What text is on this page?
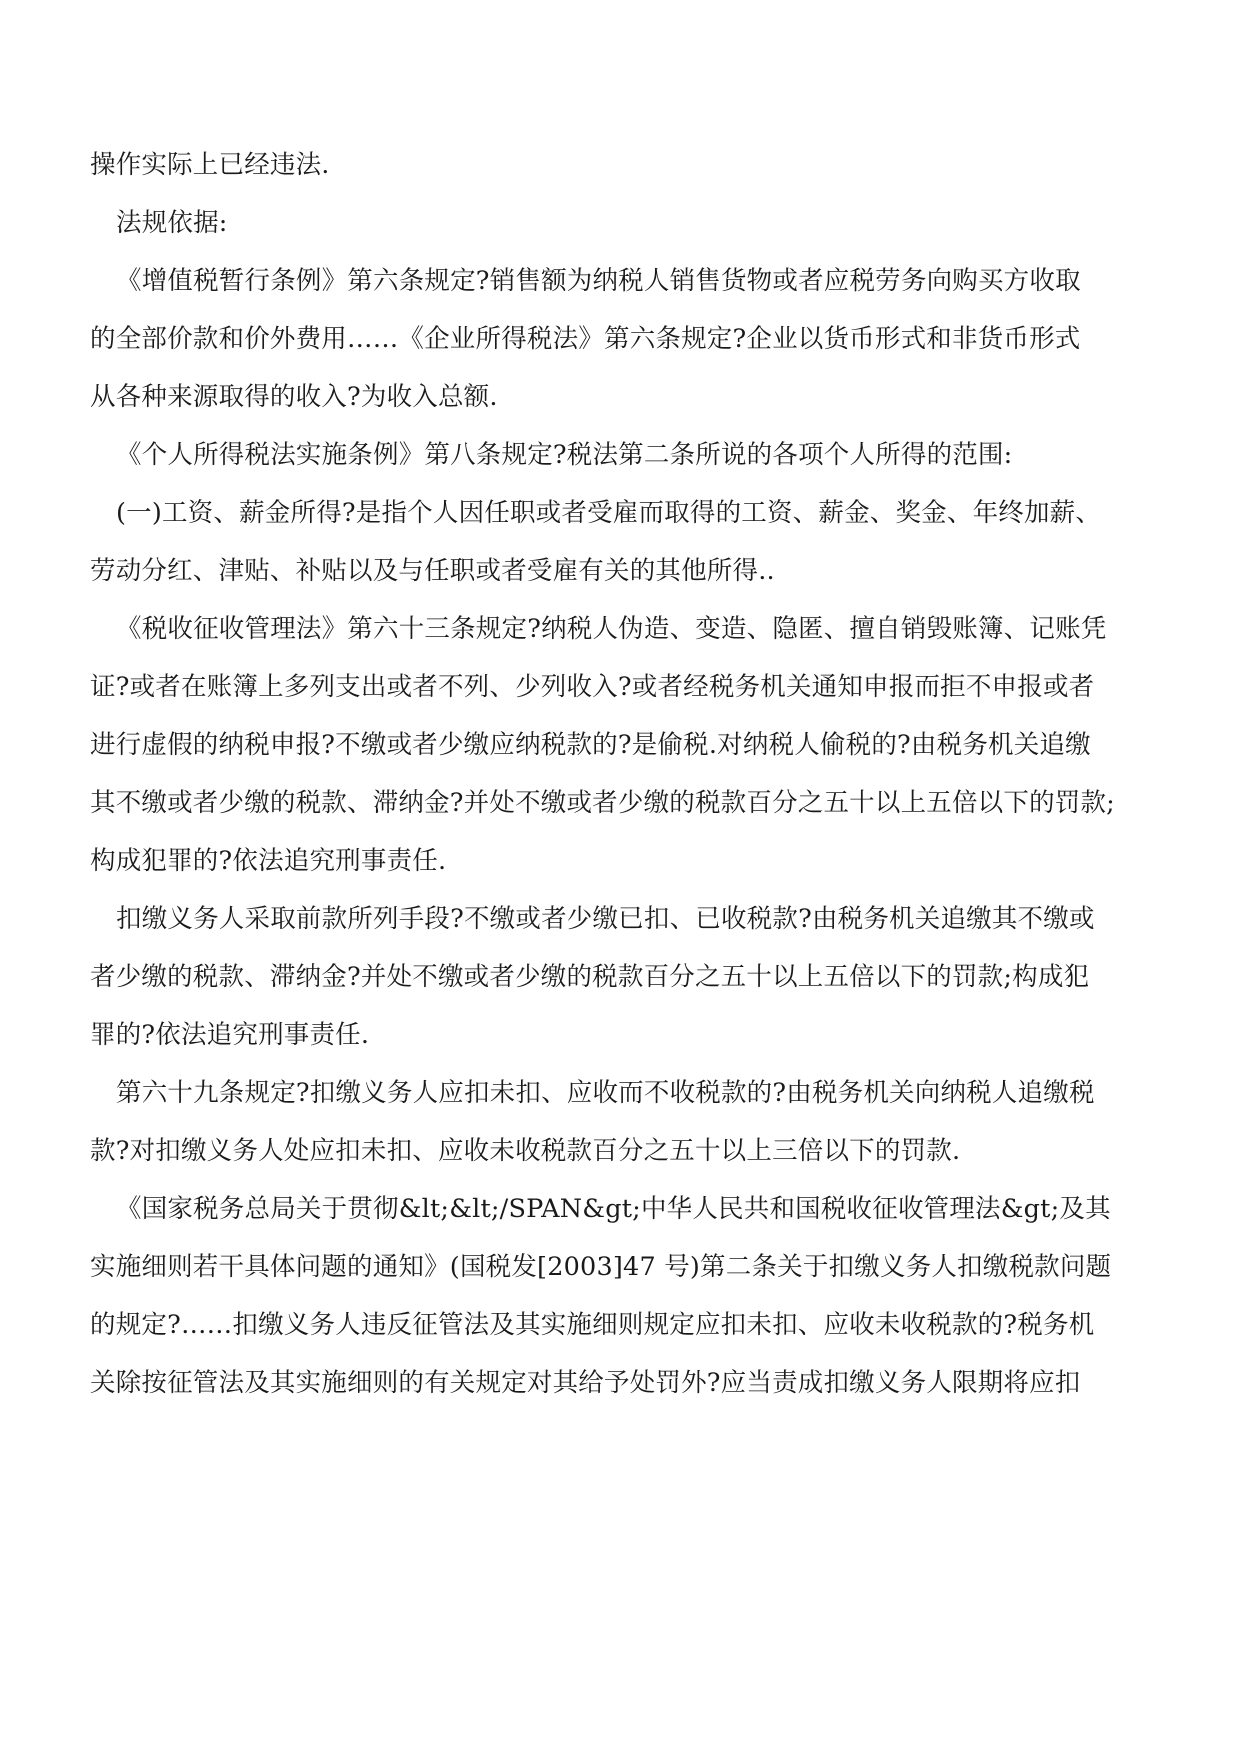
操作实际上已经违法.
法规依据:
《增值税暂行条例》第六条规定?销售额为纳税人销售货物或者应税劳务向购买方收取
的全部价款和价外费用……《企业所得税法》第六条规定?企业以货币形式和非货币形式
从各种来源取得的收入?为收入总额.
《个人所得税法实施条例》第八条规定?税法第二条所说的各项个人所得的范围:
(一)工资、薪金所得?是指个人因任职或者受雇而取得的工资、薪金、奖金、年终加薪、
劳动分红、津贴、补贴以及与任职或者受雇有关的其他所得..
《税收征收管理法》第六十三条规定?纳税人伪造、变造、隐匿、擅自销毁账簿、记账凭
证?或者在账簿上多列支出或者不列、少列收入?或者经税务机关通知申报而拒不申报或者
进行虚假的纳税申报?不缴或者少缴应纳税款的?是偷税.对纳税人偷税的?由税务机关追缴
其不缴或者少缴的税款、滞纳金?并处不缴或者少缴的税款百分之五十以上五倍以下的罚款;
构成犯罪的?依法追究刑事责任.
扣缴义务人采取前款所列手段?不缴或者少缴已扣、已收税款?由税务机关追缴其不缴或
者少缴的税款、滞纳金?并处不缴或者少缴的税款百分之五十以上五倍以下的罚款;构成犯
罪的?依法追究刑事责任.
第六十九条规定?扣缴义务人应扣未扣、应收而不收税款的?由税务机关向纳税人追缴税
款?对扣缴义务人处应扣未扣、应收未收税款百分之五十以上三倍以下的罚款.
《国家税务总局关于贯彻&lt;&lt;/SPAN&gt;中华人民共和国税收征收管理法&gt;及其
实施细则若干具体问题的通知》(国税发[2003]47 号)第二条关于扣缴义务人扣缴税款问题
的规定?……扣缴义务人违反征管法及其实施细则规定应扣未扣、应收未收税款的?税务机
关除按征管法及其实施细则的有关规定对其给予处罚外?应当责成扣缴义务人限期将应扣
